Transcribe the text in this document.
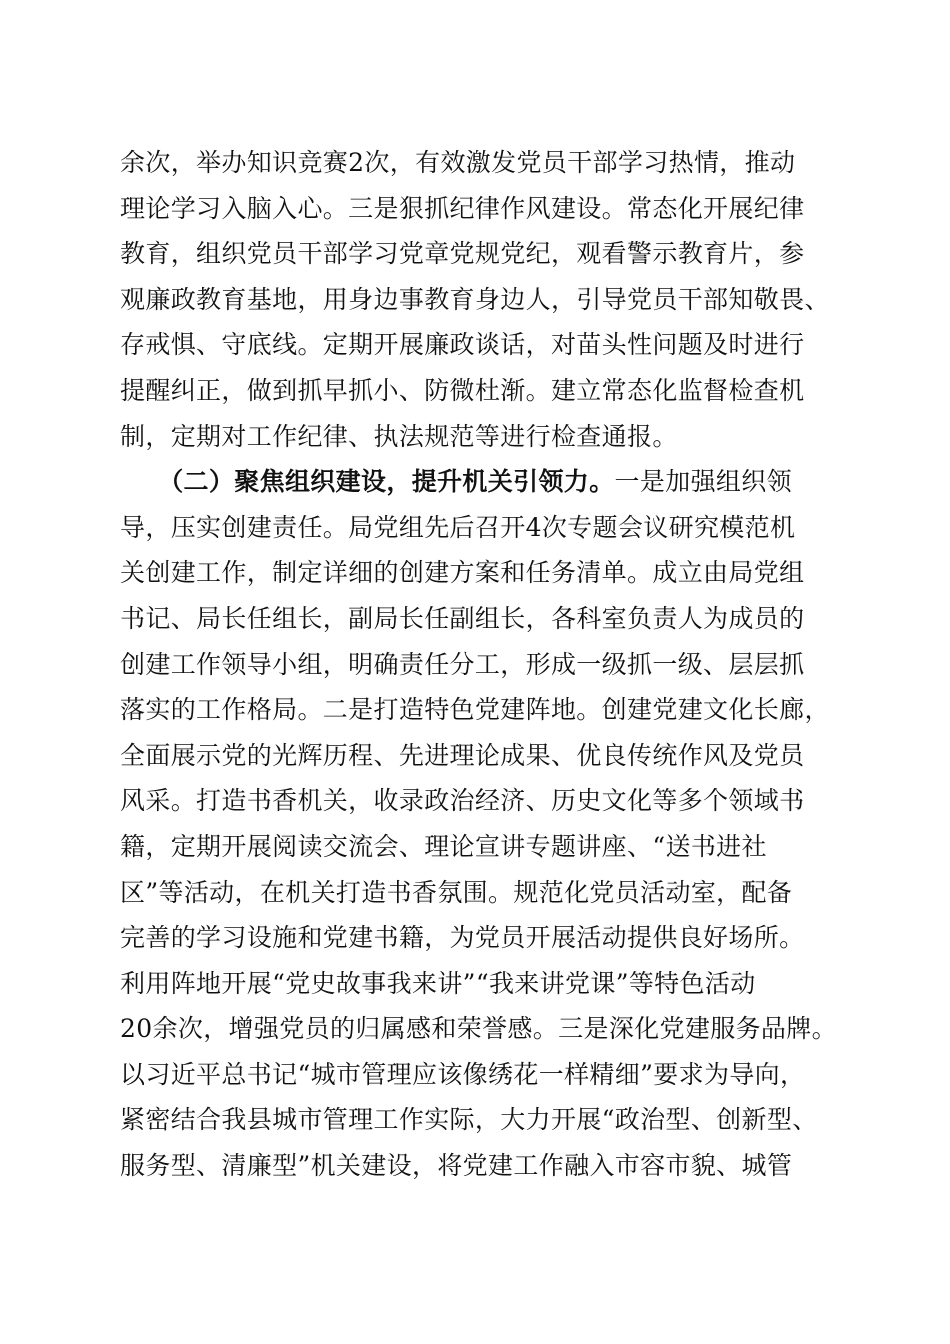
余次，举办知识竞赛2次，有效激发党员干部学习热情，推动
理论学习入脑入心。三是狠抓纪律作风建设。常态化开展纪律
教育，组织党员干部学习党章党规党纪，观看警示教育片，参
观廉政教育基地，用身边事教育身边人，引导党员干部知敬畏、
存戒惧、守底线。定期开展廉政谈话，对苗头性问题及时进行
提醒纠正，做到抓早抓小、防微杜渐。建立常态化监督检查机
制，定期对工作纪律、执法规范等进行检查通报。
　　（二）聚焦组织建设，提升机关引领力。一是加强组织领
导，压实创建责任。局党组先后召开4次专题会议研究模范机
关创建工作，制定详细的创建方案和任务清单。成立由局党组
书记、局长任组长，副局长任副组长，各科室负责人为成员的
创建工作领导小组，明确责任分工，形成一级抓一级、层层抓
落实的工作格局。二是打造特色党建阵地。创建党建文化长廊，
全面展示党的光辉历程、先进理论成果、优良传统作风及党员
风采。打造书香机关，收录政治经济、历史文化等多个领域书
籍，定期开展阅读交流会、理论宣讲专题讲座、“送书进社
区”等活动，在机关打造书香氛围。规范化党员活动室，配备
完善的学习设施和党建书籍，为党员开展活动提供良好场所。
利用阵地开展“党史故事我来讲”“我来讲党课”等特色活动
20余次，增强党员的归属感和荣誉感。三是深化党建服务品牌。
以习近平总书记“城市管理应该像绣花一样精细”要求为导向，
紧密结合我县城市管理工作实际，大力开展“政治型、创新型、
服务型、清廉型”机关建设，将党建工作融入市容市貌、城管
